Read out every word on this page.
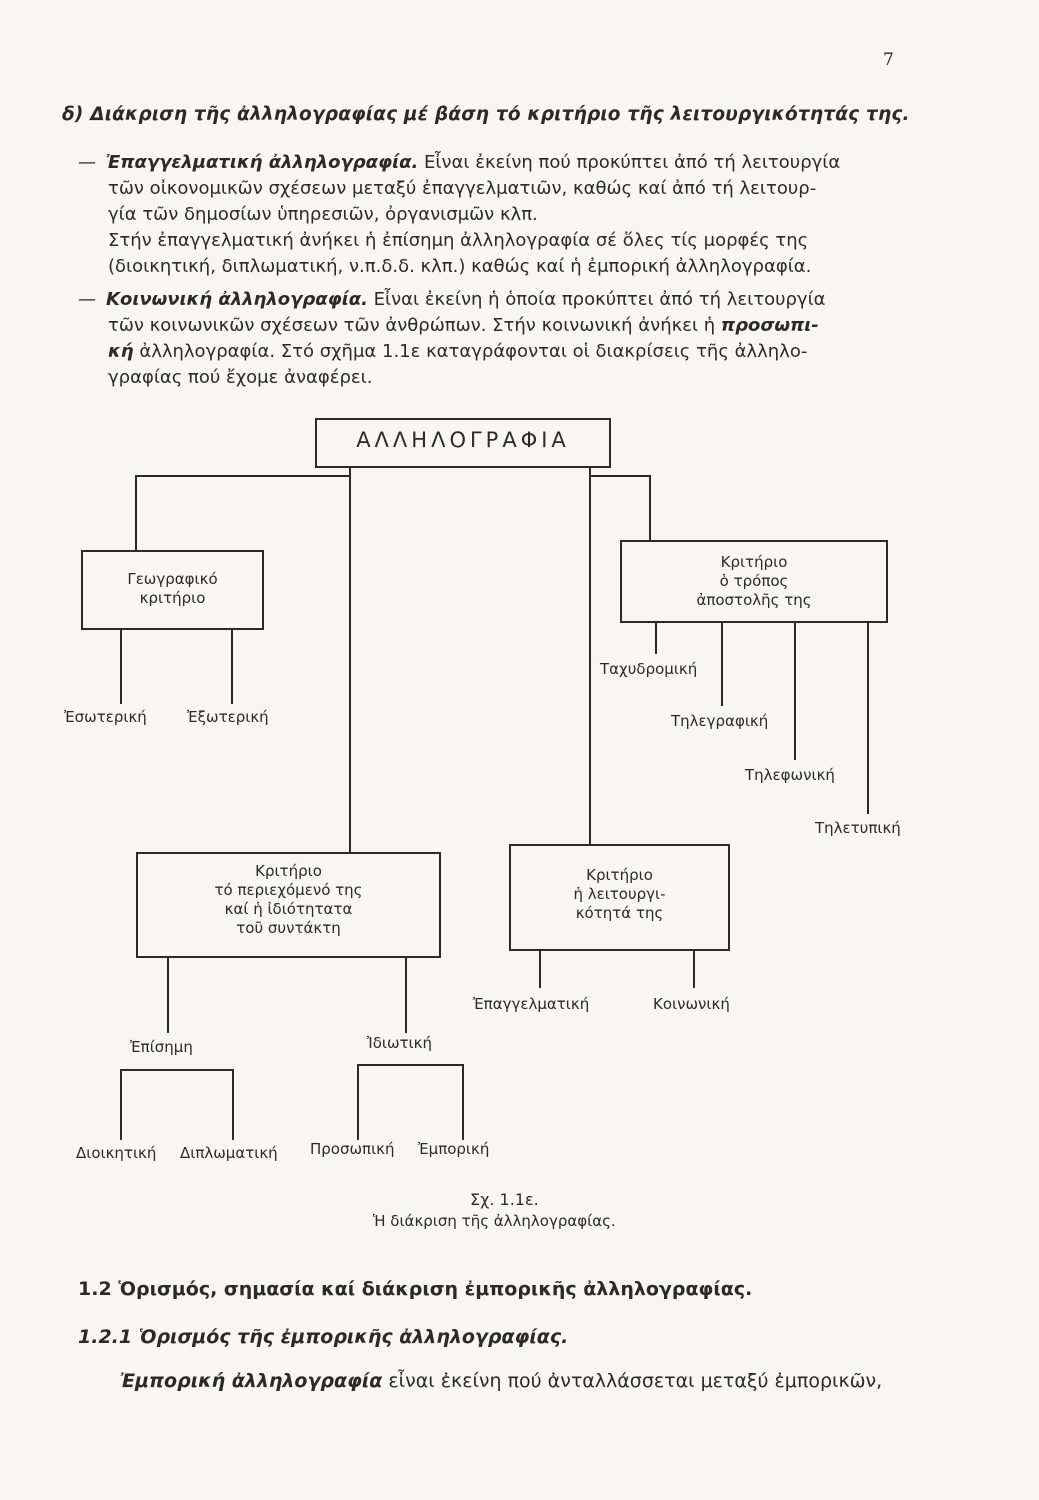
7
δ) Διάκριση τῆς ἀλληλογραφίας μέ βάση τό κριτήριο τῆς λειτουργικότητάς της.

— Ἐπαγγελματική ἀλληλογραφία. Εἶναι ἐκείνη πού προκύπτει ἀπό τή λειτουργία

τῶν οἰκονομικῶν σχέσεων μεταξύ ἐπαγγελματιῶν, καθώς καί ἀπό τή λειτουρ-

γία τῶν δημοσίων ὑπηρεσιῶν, ὀργανισμῶν κλπ.

Στήν ἐπαγγελματική ἀνήκει ἡ ἐπίσημη ἀλληλογραφία σέ ὅλες τίς μορφές της

(διοικητική, διπλωματική, ν.π.δ.δ. κλπ.) καθώς καί ἡ ἐμπορική ἀλληλογραφία.

— Κοινωνική ἀλληλογραφία. Εἶναι ἐκείνη ἡ ὁποία προκύπτει ἀπό τή λειτουργία

τῶν κοινωνικῶν σχέσεων τῶν ἀνθρώπων. Στήν κοινωνική ἀνήκει ἡ προσωπι-

κή ἀλληλογραφία. Στό σχῆμα 1.1ε καταγράφονται οἱ διακρίσεις τῆς ἀλληλο-

γραφίας πού ἔχομε ἀναφέρει.

ΑΛΛΗΛΟΓΡΑΦΙΑ
Γεωγραφικό
κριτήριο
Ἐσωτερική	Ἐξωτερική
Κριτήριο
ὁ τρόπος
ἀποστολῆς της
Ταχυδρομική
Τηλεγραφική
Τηλεφωνική
Τηλετυπική
Κριτήριο
τό περιεχόμενό της
καί ἡ ἰδιότητατα
τοῦ συντάκτη
Ἐπίσημη	Ἰδιωτική
Κριτήριο
ἡ λειτουργι-
κότητά της
Ἐπαγγελματική	Κοινωνική
Διοικητική Διπλωματική Προσωπική Ἐμπορική
Σχ. 1.1ε.
Ἡ διάκριση τῆς ἀλληλογραφίας.
1.2 Ὁρισμός, σημασία καί διάκριση ἐμπορικῆς ἀλληλογραφίας.
1.2.1 Ὁρισμός τῆς ἐμπορικῆς ἀλληλογραφίας.
Ἐμπορική ἀλληλογραφία εἶναι ἐκείνη πού ἀνταλλάσσεται μεταξύ ἐμπορικῶν,
